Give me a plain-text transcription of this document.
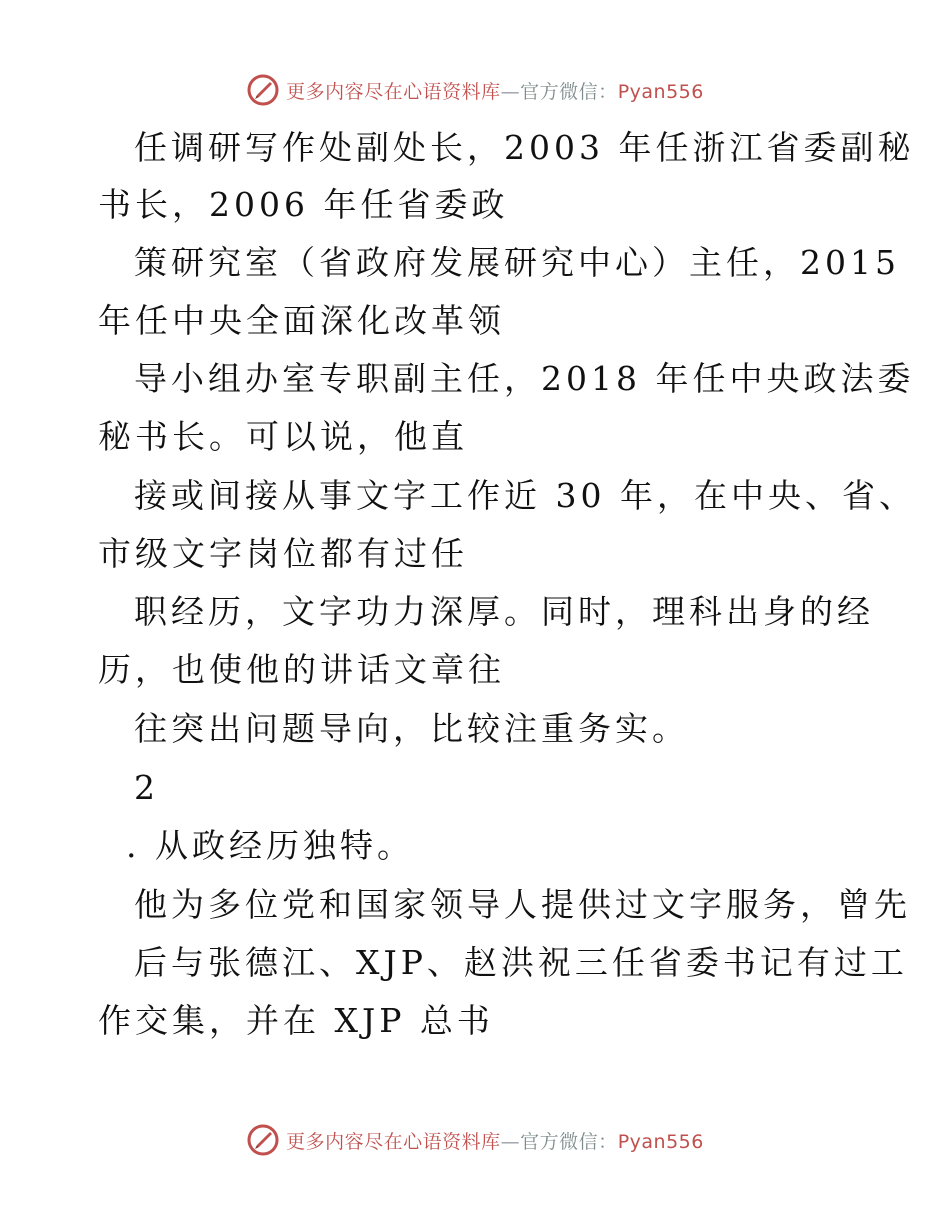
更多内容尽在心语资料库—官方微信：Pyan556
任调研写作处副处长，2003 年任浙江省委副秘
书长，2006 年任省委政
策研究室（省政府发展研究中心）主任，2015
年任中央全面深化改革领
导小组办室专职副主任，2018 年任中央政法委
秘书长。可以说，他直
接或间接从事文字工作近 30 年，在中央、省、
市级文字岗位都有过任
职经历，文字功力深厚。同时，理科出身的经
历，也使他的讲话文章往
往突出问题导向，比较注重务实。
2
. 从政经历独特。
他为多位党和国家领导人提供过文字服务，曾先
后与张德江、XJP、赵洪祝三任省委书记有过工
作交集，并在 XJP 总书
更多内容尽在心语资料库—官方微信：Pyan556
